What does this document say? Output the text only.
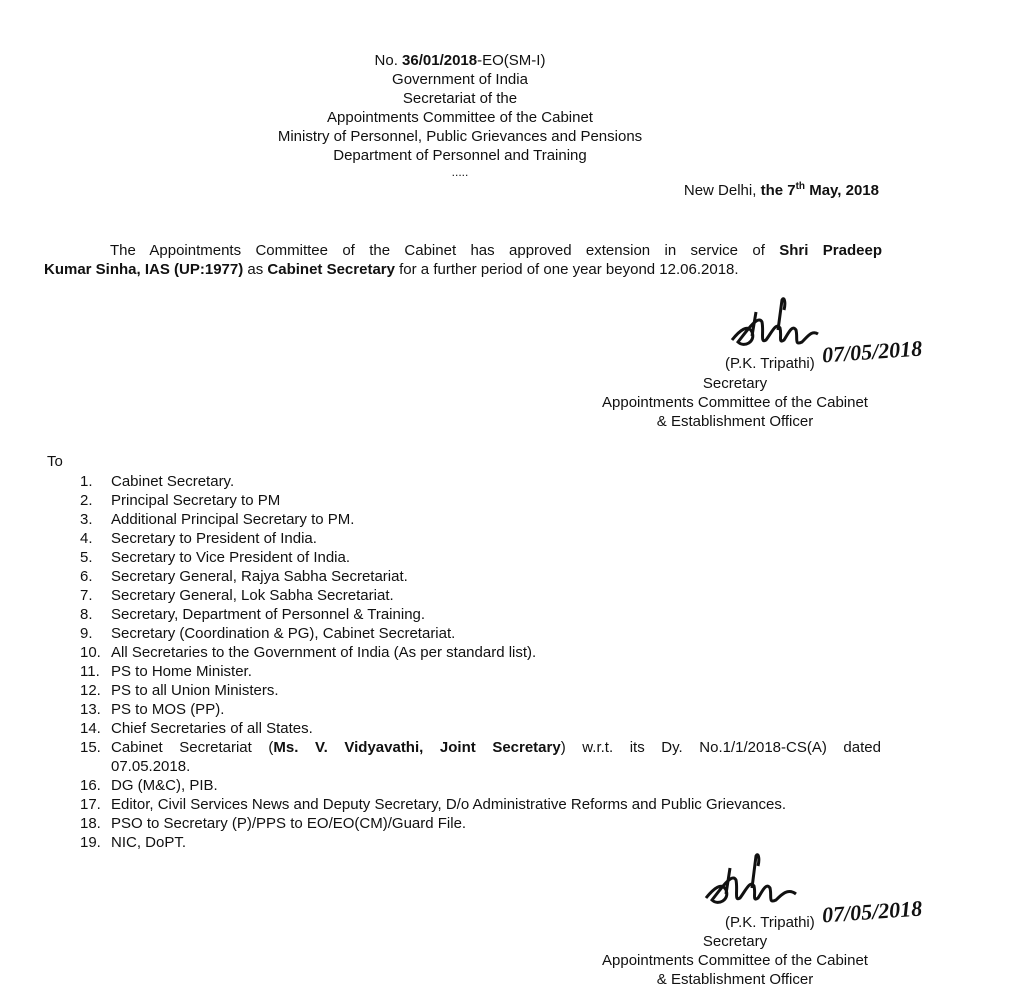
No. 36/01/2018-EO(SM-I)
Government of India
Secretariat of the
Appointments Committee of the Cabinet
Ministry of Personnel, Public Grievances and Pensions
Department of Personnel and Training
.....
New Delhi, the 7th May, 2018
The Appointments Committee of the Cabinet has approved extension in service of Shri Pradeep
Kumar Sinha, IAS (UP:1977) as Cabinet Secretary for a further period of one year beyond 12.06.2018.
07/05/2018
(P.K. Tripathi)
Secretary
Appointments Committee of the Cabinet
& Establishment Officer
To
1.	Cabinet Secretary.
2.	Principal Secretary to PM
3.	Additional Principal Secretary to PM.
4.	Secretary to President of India.
5.	Secretary to Vice President of India.
6.	Secretary General, Rajya Sabha Secretariat.
7.	Secretary General, Lok Sabha Secretariat.
8.	Secretary, Department of Personnel & Training.
9.	Secretary (Coordination & PG), Cabinet Secretariat.
10. All Secretaries to the Government of India (As per standard list).
11. PS to Home Minister.
12. PS to all Union Ministers.
13. PS to MOS (PP).
14. Chief Secretaries of all States.
15. Cabinet Secretariat (Ms. V. Vidyavathi, Joint Secretary) w.r.t. its Dy. No.1/1/2018-CS(A) dated
07.05.2018.
16. DG (M&C), PIB.
17. Editor, Civil Services News and Deputy Secretary, D/o Administrative Reforms and Public Grievances.
18. PSO to Secretary (P)/PPS to EO/EO(CM)/Guard File.
19. NIC, DoPT.
07/05/2018
(P.K. Tripathi)
Secretary
Appointments Committee of the Cabinet
& Establishment Officer
